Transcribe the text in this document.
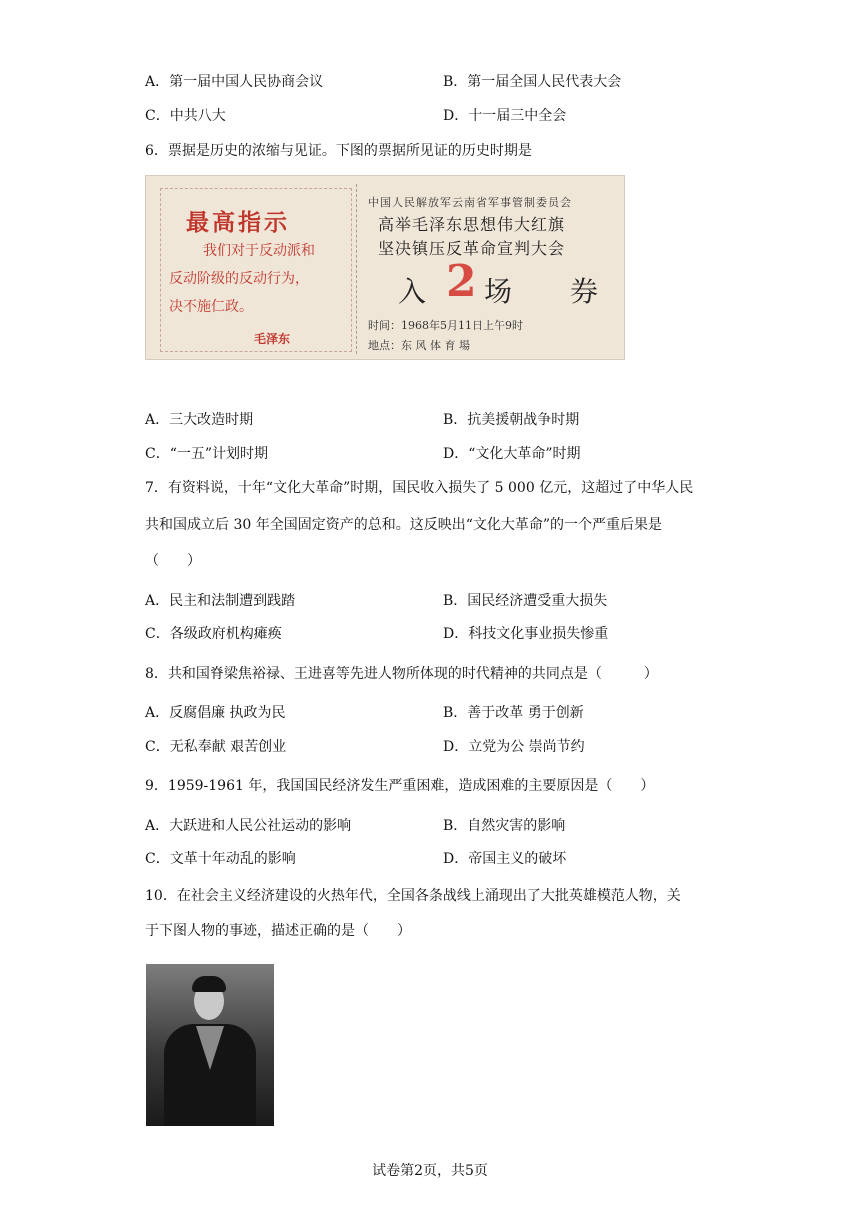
A．第一届中国人民协商会议	B．第一届全国人民代表大会
C．中共八大	D．十一届三中全会
6．票据是历史的浓缩与见证。下图的票据所见证的历史时期是
最高指示
我们对于反动派和
反动阶级的反动行为，
决不施仁政。
毛泽东
中国人民解放军云南省军事管制委员会
高举毛泽东思想伟大红旗
坚决镇压反革命宣判大会
2
入 场 券
时间：1968年5月11日上午9时
地点：东 风 体 育 場
A．三大改造时期	B．抗美援朝战争时期
C．“一五”计划时期	D．“文化大革命”时期
7．有资料说，十年“文化大革命”时期，国民收入损失了 5 000 亿元，这超过了中华人民
共和国成立后 30 年全国固定资产的总和。这反映出“文化大革命”的一个严重后果是
（　　）
A．民主和法制遭到践踏	B．国民经济遭受重大损失
C．各级政府机构瘫痪	D．科技文化事业损失惨重
8．共和国脊梁焦裕禄、王进喜等先进人物所体现的时代精神的共同点是（　　　）
A．反腐倡廉 执政为民	B．善于改革 勇于创新
C．无私奉献 艰苦创业	D．立党为公 崇尚节约
9．1959-1961 年，我国国民经济发生严重困难，造成困难的主要原因是（　　）
A．大跃进和人民公社运动的影响	B．自然灾害的影响
C．文革十年动乱的影响	D．帝国主义的破坏
10．在社会主义经济建设的火热年代，全国各条战线上涌现出了大批英雄模范人物，关
于下图人物的事迹，描述正确的是（　　）
试卷第2页，共5页
